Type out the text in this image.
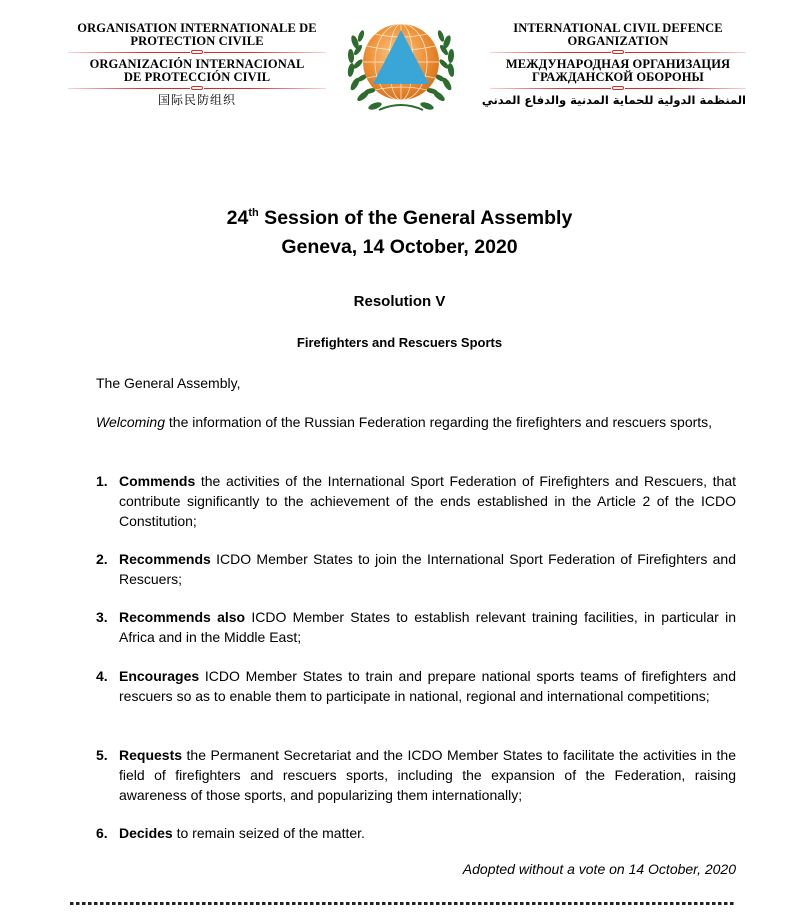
ORGANISATION INTERNATIONALE DE
PROTECTION CIVILE
ORGANIZACIÓN INTERNACIONAL
DE PROTECCIÓN CIVIL
国际民防组织
INTERNATIONAL CIVIL DEFENCE
ORGANIZATION
МЕЖДУНАРОДНАЯ ОРГАНИЗАЦИЯ
ГРАЖДАНСКОЙ ОБОРОНЫ
المنظمة الدولية للحماية المدنية والدفاع المدني
24th Session of the General Assembly
Geneva, 14 October, 2020
Resolution V
Firefighters and Rescuers Sports
The General Assembly,
Welcoming the information of the Russian Federation regarding the firefighters and rescuers sports,
1. Commends the activities of the International Sport Federation of Firefighters and Rescuers, that contribute significantly to the achievement of the ends established in the Article 2 of the ICDO Constitution;
2. Recommends ICDO Member States to join the International Sport Federation of Firefighters and Rescuers;
3. Recommends also ICDO Member States to establish relevant training facilities, in particular in Africa and in the Middle East;
4. Encourages ICDO Member States to train and prepare national sports teams of firefighters and rescuers so as to enable them to participate in national, regional and international competitions;
5. Requests the Permanent Secretariat and the ICDO Member States to facilitate the activities in the field of firefighters and rescuers sports, including the expansion of the Federation, raising awareness of those sports, and popularizing them internationally;
6. Decides to remain seized of the matter.
Adopted without a vote on 14 October, 2020
